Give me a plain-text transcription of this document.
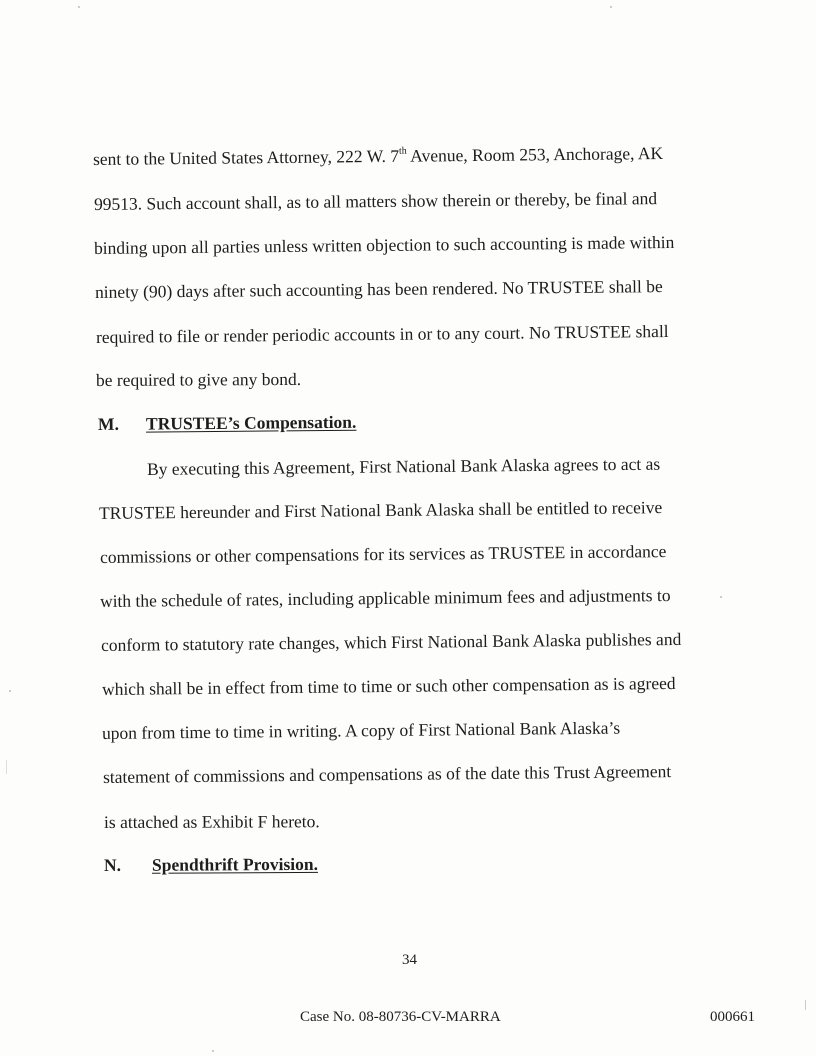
sent to the United States Attorney, 222 W. 7th Avenue, Room 253, Anchorage, AK
99513. Such account shall, as to all matters show therein or thereby, be final and
binding upon all parties unless written objection to such accounting is made within
ninety (90) days after such accounting has been rendered. No TRUSTEE shall be
required to file or render periodic accounts in or to any court. No TRUSTEE shall
be required to give any bond.
M. TRUSTEE’s Compensation.
By executing this Agreement, First National Bank Alaska agrees to act as
TRUSTEE hereunder and First National Bank Alaska shall be entitled to receive
commissions or other compensations for its services as TRUSTEE in accordance
with the schedule of rates, including applicable minimum fees and adjustments to
conform to statutory rate changes, which First National Bank Alaska publishes and
which shall be in effect from time to time or such other compensation as is agreed
upon from time to time in writing. A copy of First National Bank Alaska’s
statement of commissions and compensations as of the date this Trust Agreement
is attached as Exhibit F hereto.
N. Spendthrift Provision.
34
Case No. 08-80736-CV-MARRA	000661
